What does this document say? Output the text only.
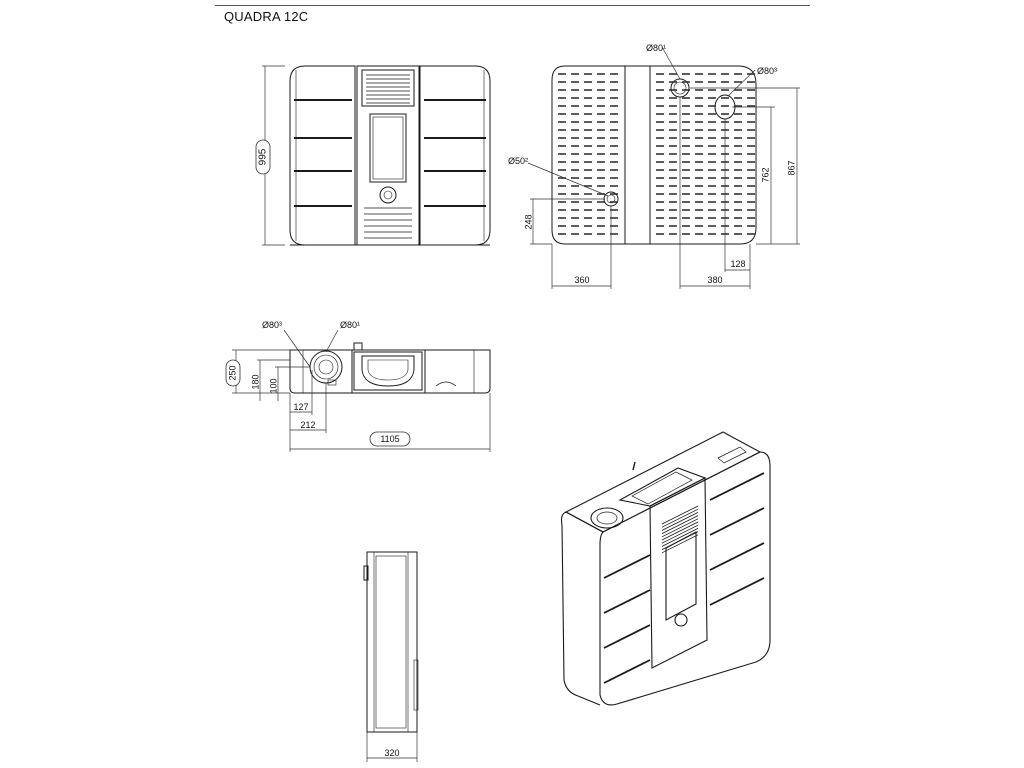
QUADRA 12C
995
Ø80¹
Ø80³
Ø50²
248
762 867
360	380
128
Ø80³	Ø80¹
250
180 100
127
212
1105
320
